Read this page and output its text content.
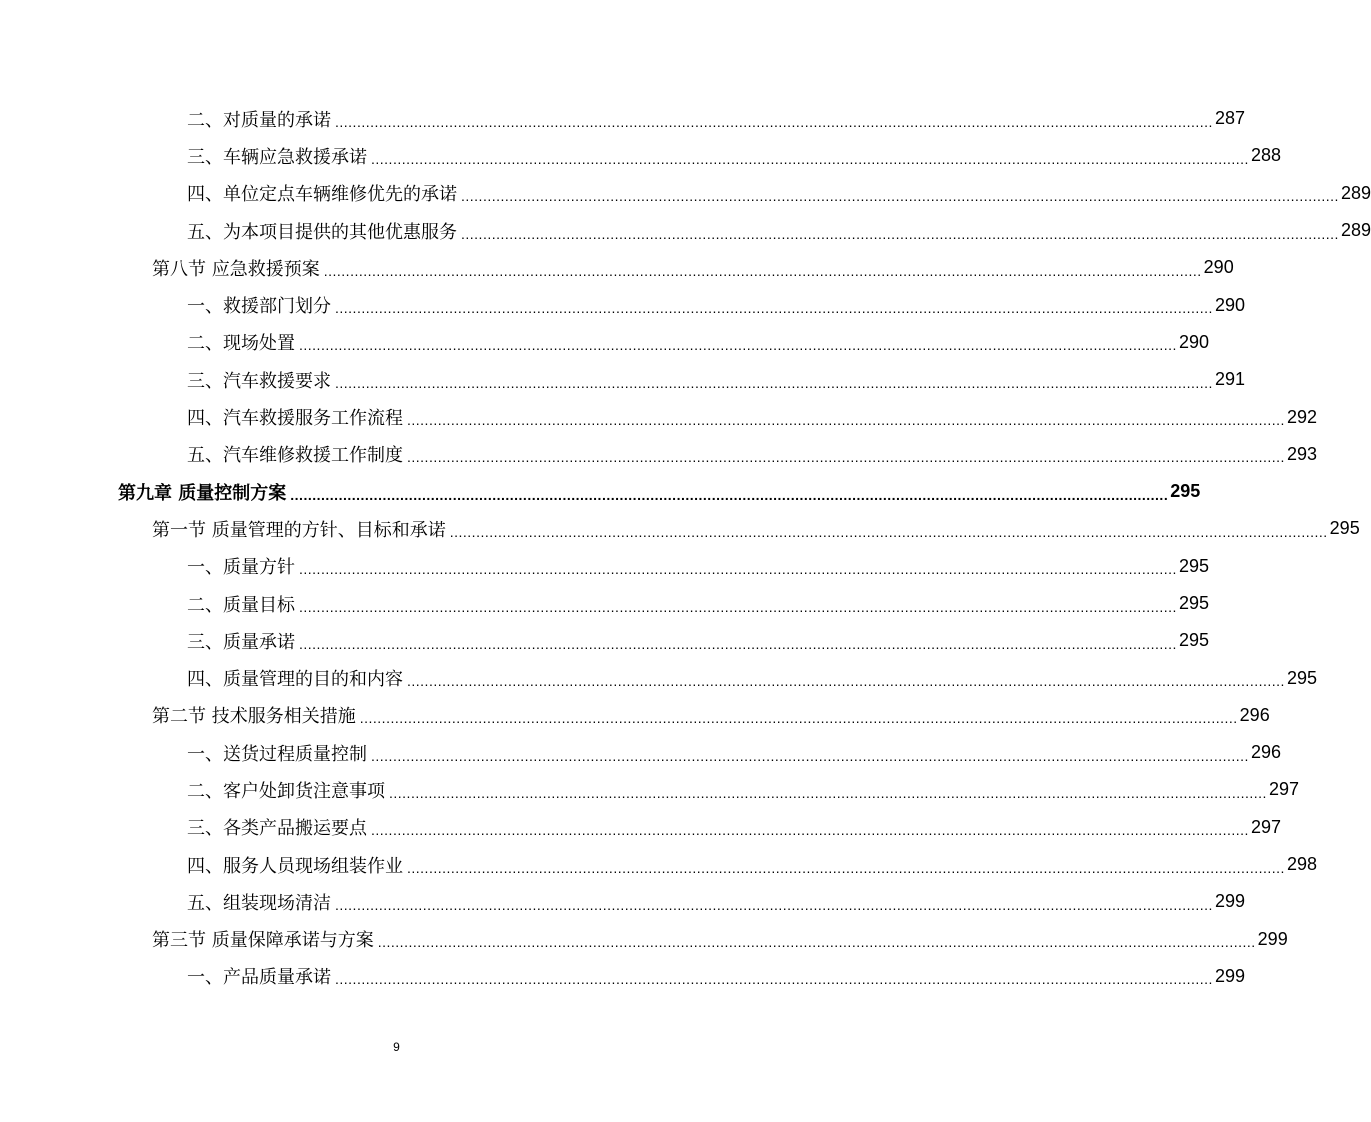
二、对质量的承诺 ........................................................................................................................................................................................................ 287
三、车辆应急救援承诺 ........................................................................................................................................................................................................ 288
四、单位定点车辆维修优先的承诺 ........................................................................................................................................................................................................ 289
五、为本项目提供的其他优惠服务 ........................................................................................................................................................................................................ 289
第八节 应急救援预案 ........................................................................................................................................................................................................ 290
一、救援部门划分 ........................................................................................................................................................................................................ 290
二、现场处置 ........................................................................................................................................................................................................ 290
三、汽车救援要求 ........................................................................................................................................................................................................ 291
四、汽车救援服务工作流程 ........................................................................................................................................................................................................ 292
五、汽车维修救援工作制度 ........................................................................................................................................................................................................ 293
第九章 质量控制方案 ........................................................................................................................................................................................................ 295
第一节 质量管理的方针、目标和承诺 ........................................................................................................................................................................................................ 295
一、质量方针 ........................................................................................................................................................................................................ 295
二、质量目标 ........................................................................................................................................................................................................ 295
三、质量承诺 ........................................................................................................................................................................................................ 295
四、质量管理的目的和内容 ........................................................................................................................................................................................................ 295
第二节 技术服务相关措施 ........................................................................................................................................................................................................ 296
一、送货过程质量控制 ........................................................................................................................................................................................................ 296
二、客户处卸货注意事项 ........................................................................................................................................................................................................ 297
三、各类产品搬运要点 ........................................................................................................................................................................................................ 297
四、服务人员现场组装作业 ........................................................................................................................................................................................................ 298
五、组装现场清洁 ........................................................................................................................................................................................................ 299
第三节 质量保障承诺与方案 ........................................................................................................................................................................................................ 299
一、产品质量承诺 ........................................................................................................................................................................................................ 299
9
